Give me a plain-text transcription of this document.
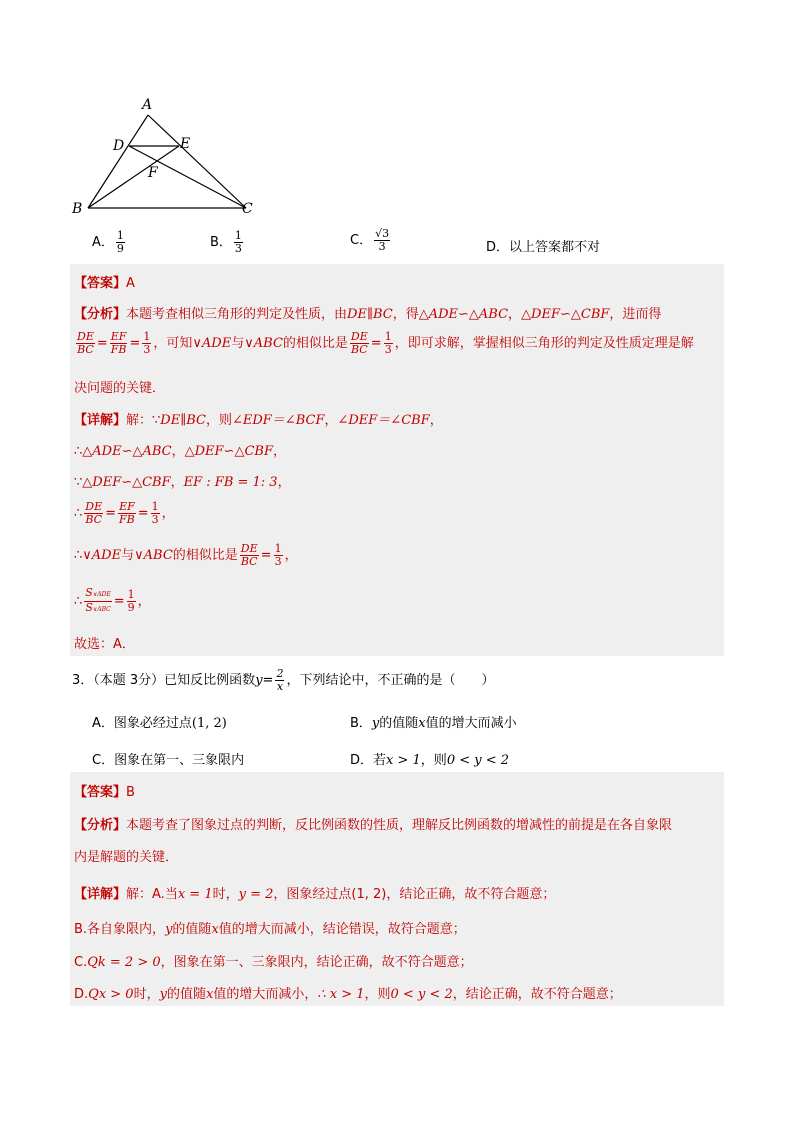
A
D	E
F
B	C
A． $\frac{1}{9}$	B． $\frac{1}{3}$	C． $\frac{√3}{3}$	D．以上答案都不对
【答案】A
【分析】本题考查相似三角形的判定及性质，由DE∥BC，得△ADE∽△ABC，△DEF∽△CBF，进而得
$\frac{DE}{BC} = \frac{EF}{FB} = \frac{1}{3}$ ，可知∨ADE与∨ABC的相似比是 $\frac{DE}{BC} = \frac{1}{3}$ ，即可求解，掌握相似三角形的判定及性质定理是解
决问题的关键．
【详解】解：∵DE∥BC，则∠EDF＝∠BCF，∠DEF＝∠CBF，
∴△ADE∽△ABC，△DEF∽△CBF，
∵△DEF∽△CBF，EF : FB = 1: 3，
∴ $\frac{DE}{BC} = \frac{EF}{FB} = \frac{1}{3}$ ，
∴∨ADE与∨ABC的相似比是 $\frac{DE}{BC} = \frac{1}{3}$ ，
∴ $\frac{\text{S∨ADE}}{\text{S∨ABC}} = \frac{1}{9}$ ，
故选：A．
3．（本题 3分）已知反比例函数$y= \frac{2}{x}$ ，下列结论中，不正确的是（　　）
A．图象必经过点(1, 2)	B．y的值随x值的增大而减小
C．图象在第一、三象限内	D．若x > 1，则0 < y < 2
【答案】B
【分析】本题考查了图象过点的判断，反比例函数的性质，理解反比例函数的增减性的前提是在各自象限
内是解题的关键．
【详解】解：A.当x = 1时，y = 2，图象经过点(1, 2)，结论正确，故不符合题意；
B.各自象限内，y的值随x值的增大而减小，结论错误，故符合题意；
C.Qk = 2 > 0，图象在第一、三象限内，结论正确，故不符合题意；
D.Qx > 0时，y的值随x值的增大而减小，∴ x > 1，则0 < y < 2，结论正确，故不符合题意；
